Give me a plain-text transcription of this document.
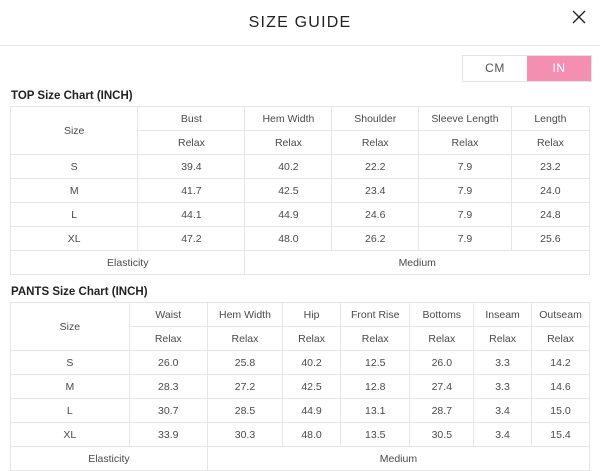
SIZE GUIDE
CM	IN
TOP Size Chart (INCH)
Size	Bust	Hem Width	Shoulder	Sleeve Length	Length
	Relax	Relax	Relax	Relax	Relax
S	39.4	40.2	22.2	7.9	23.2
M	41.7	42.5	23.4	7.9	24.0
L	44.1	44.9	24.6	7.9	24.8
XL	47.2	48.0	26.2	7.9	25.6
Elasticity		Medium			
PANTS Size Chart (INCH)
Size	Waist	Hem Width	Hip	Front Rise	Bottoms	Inseam	Outseam
	Relax	Relax	Relax	Relax	Relax	Relax	Relax
S	26.0	25.8	40.2	12.5	26.0	3.3	14.2
M	28.3	27.2	42.5	12.8	27.4	3.3	14.6
L	30.7	28.5	44.9	13.1	28.7	3.4	15.0
XL	33.9	30.3	48.0	13.5	30.5	3.4	15.4
Elasticity		Medium					
